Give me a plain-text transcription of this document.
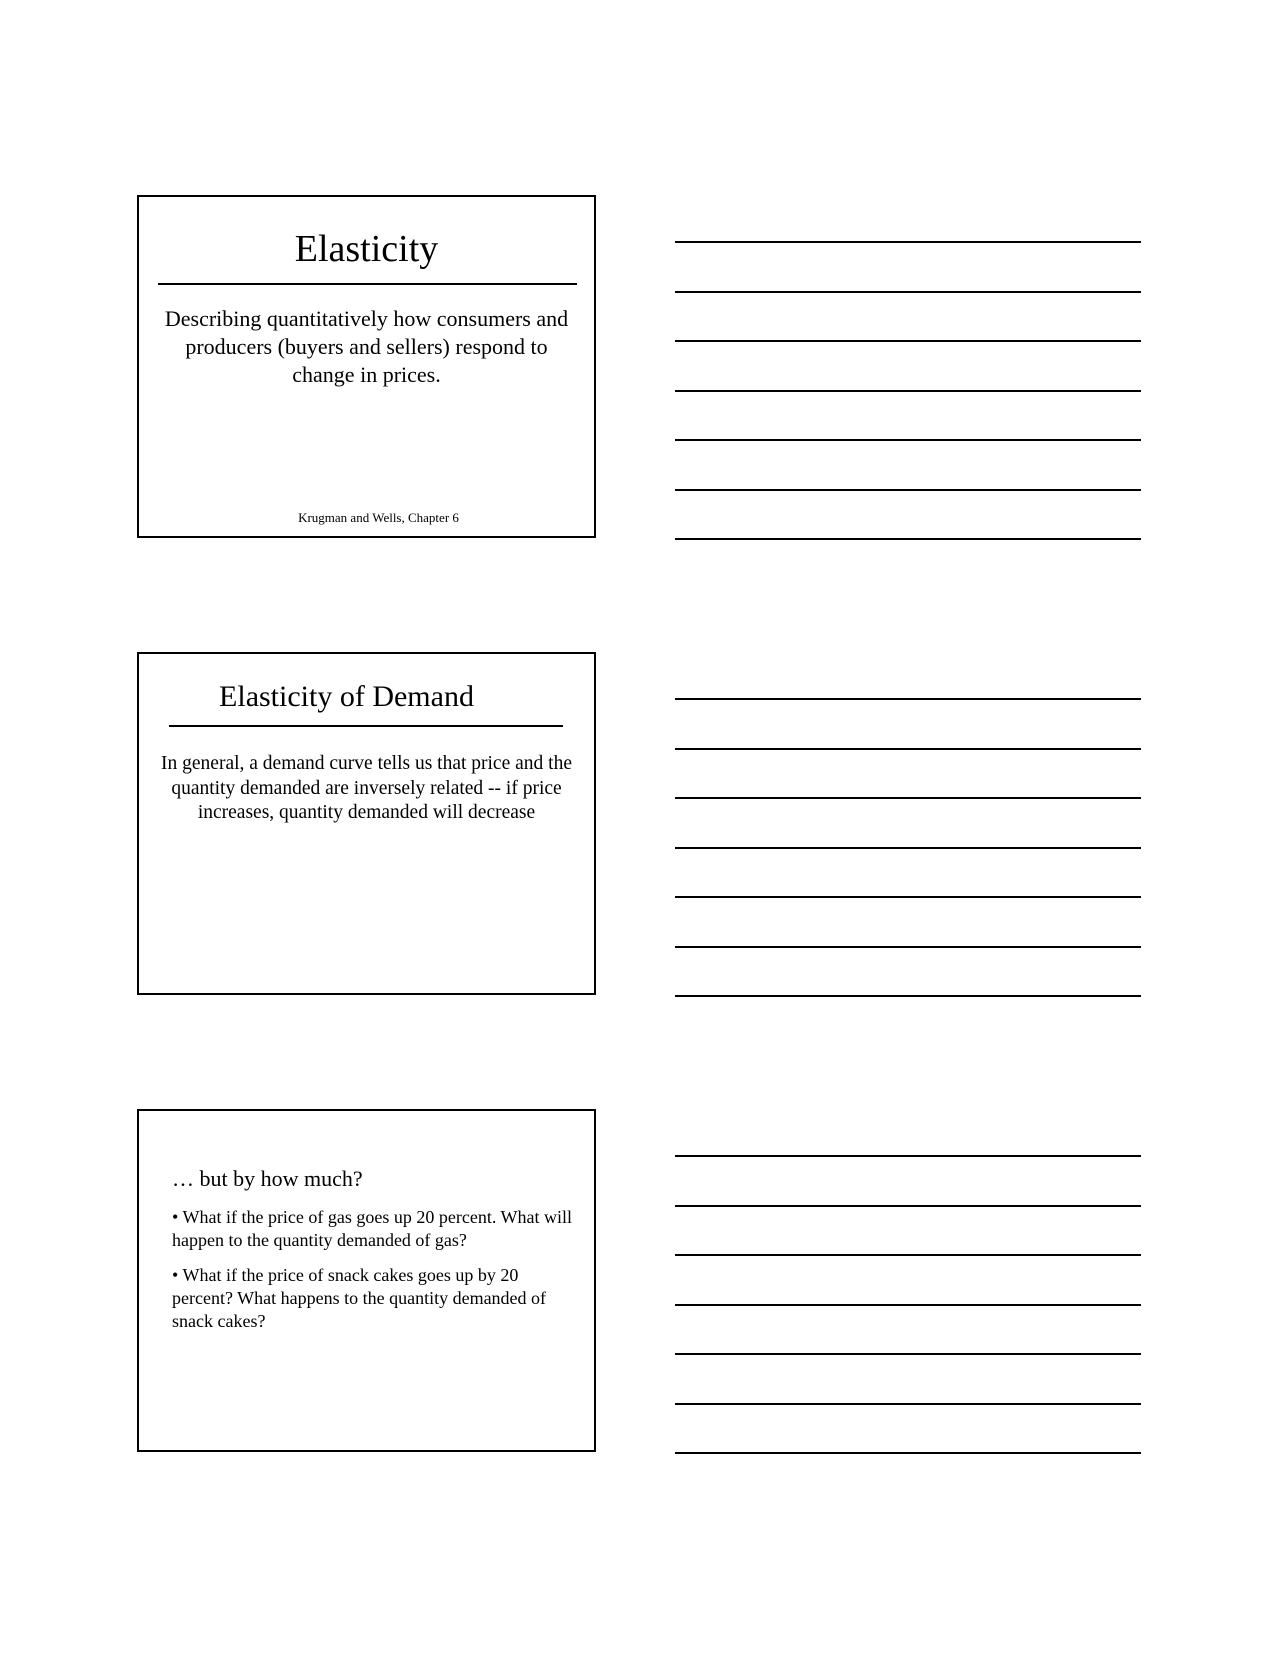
Elasticity
Describing quantitatively how consumers and producers (buyers and sellers) respond to change in prices.
Krugman and Wells, Chapter 6
Elasticity of Demand
In general, a demand curve tells us that price and the quantity demanded are inversely related -- if price increases, quantity demanded will decrease
… but by how much?
• What if the price of gas goes up 20 percent. What will happen to the quantity demanded of gas?
• What if the price of snack cakes goes up by 20 percent? What happens to the quantity demanded of snack cakes?
